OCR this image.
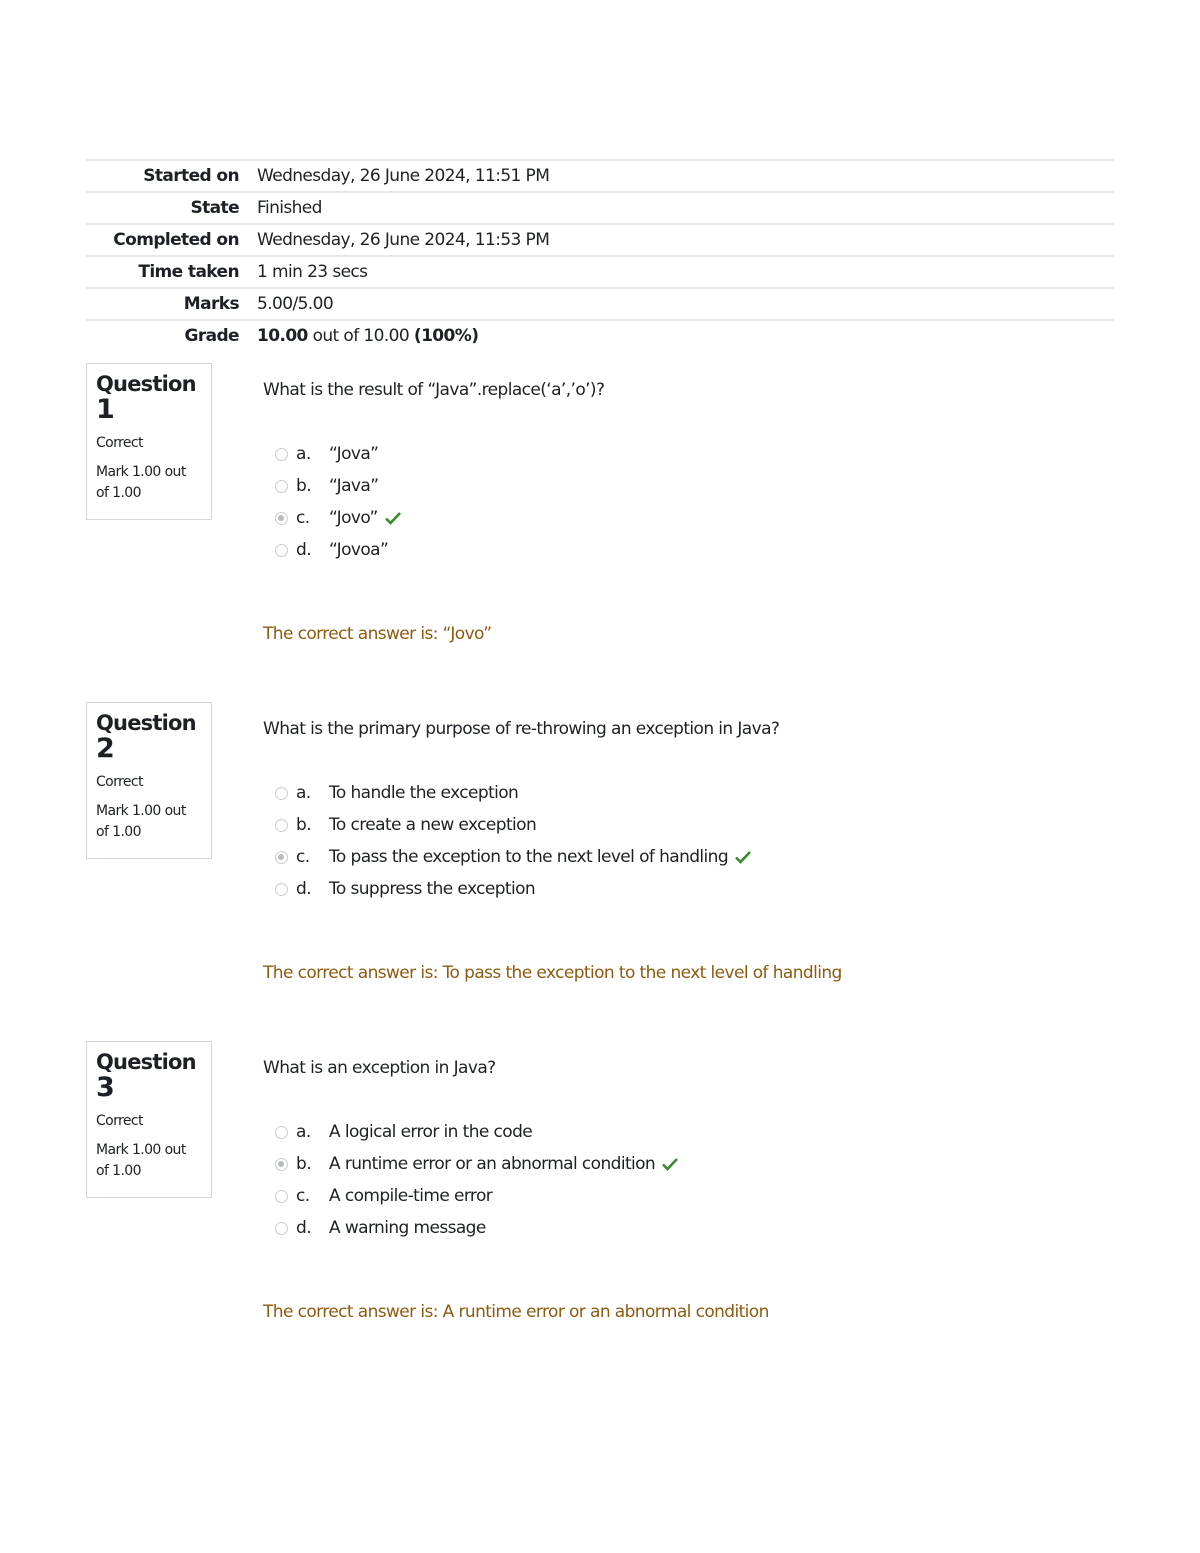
Started on	Wednesday, 26 June 2024, 11:51 PM
State	Finished
Completed on	Wednesday, 26 June 2024, 11:53 PM
Time taken	1 min 23 secs
Marks	5.00/5.00
Grade	10.00 out of 10.00 (100%)
Question
1
Correct
Mark 1.00 out of 1.00
What is the result of “Java”.replace(‘a’,’o’)?
a.	“Jova”
b.	“Java”
c.	“Jovo”
d.	“Jovoa”
The correct answer is: “Jovo”
Question
2
Correct
Mark 1.00 out of 1.00
What is the primary purpose of re-throwing an exception in Java?
a.	To handle the exception
b.	To create a new exception
c.	To pass the exception to the next level of handling
d.	To suppress the exception
The correct answer is: To pass the exception to the next level of handling
Question
3
Correct
Mark 1.00 out of 1.00
What is an exception in Java?
a.	A logical error in the code
b.	A runtime error or an abnormal condition
c.	A compile-time error
d.	A warning message
The correct answer is: A runtime error or an abnormal condition
